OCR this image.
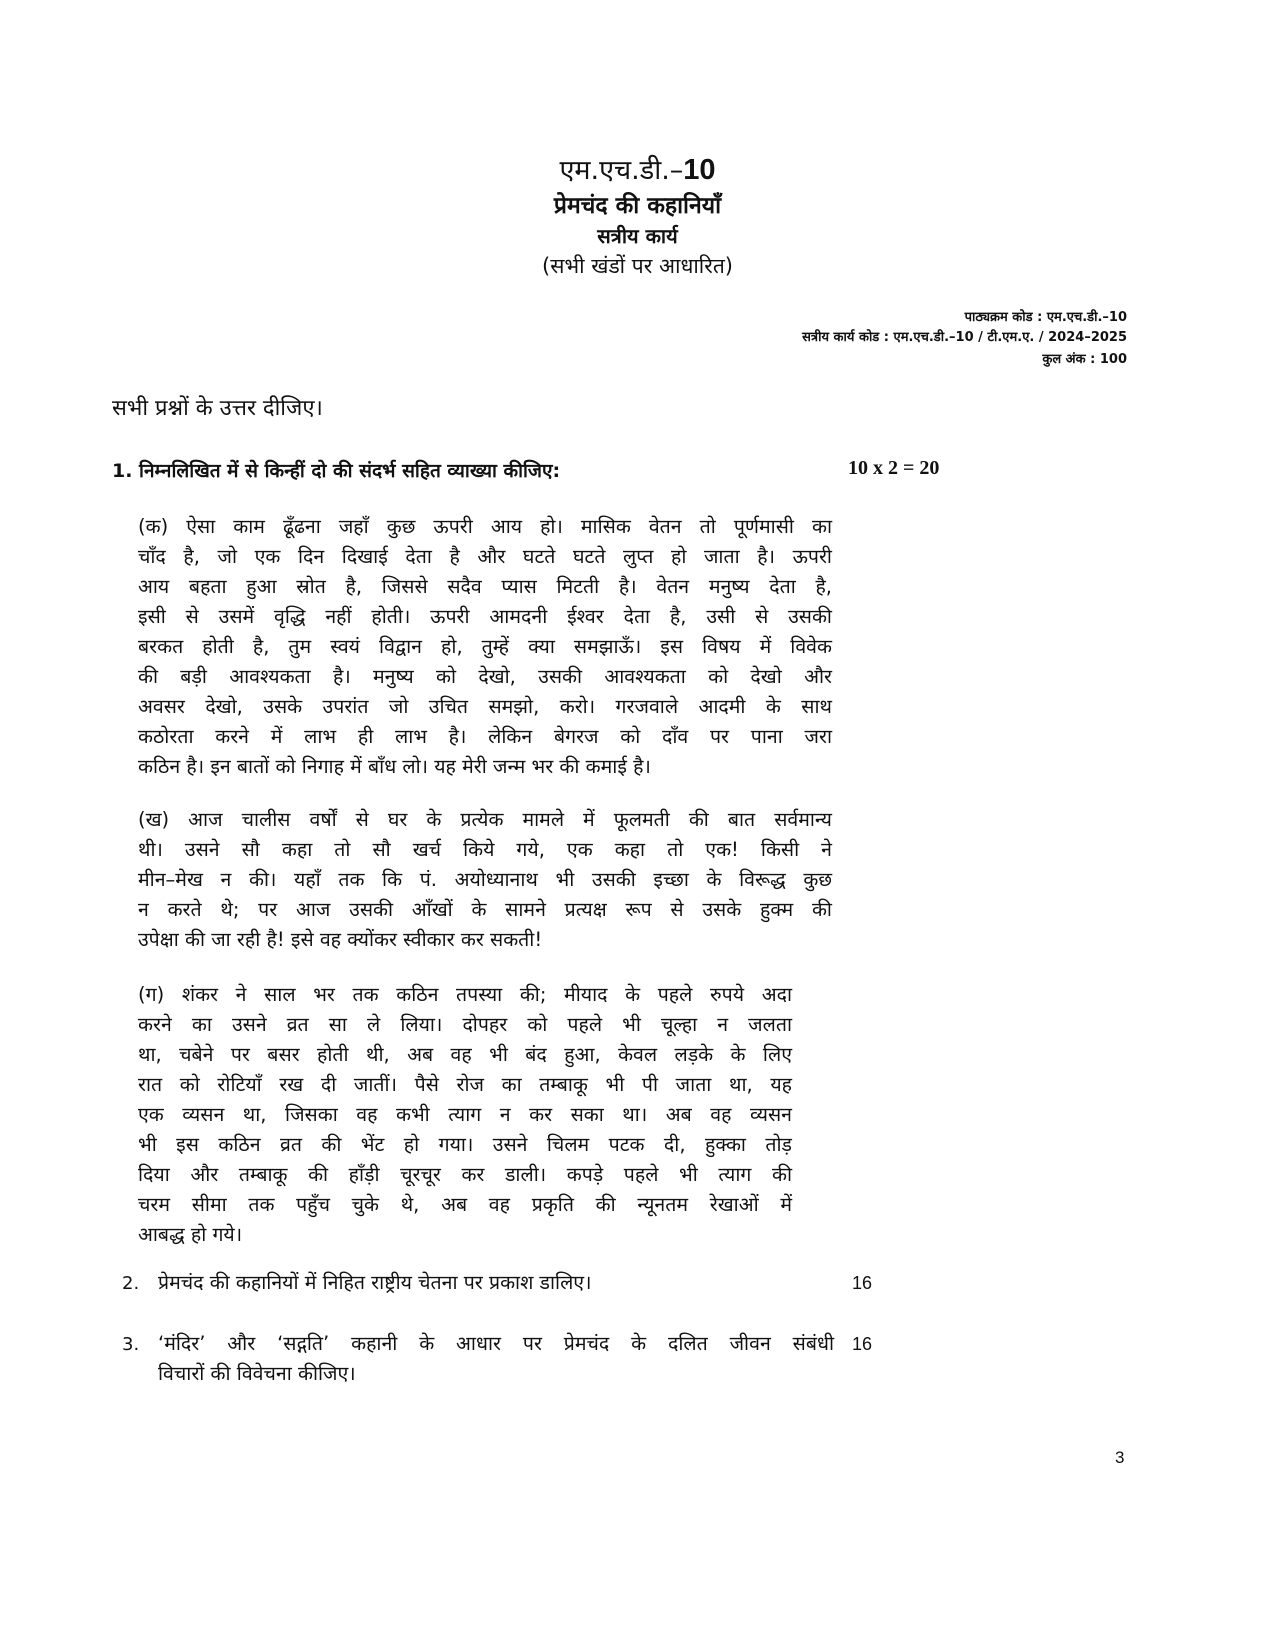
एम.एच.डी.–10
प्रेमचंद की कहानियाँ
सत्रीय कार्य
(सभी खंडों पर आधारित)
पाठ्यक्रम कोड : एम.एच.डी.–10
सत्रीय कार्य कोड : एम.एच.डी.–10 / टी.एम.ए. / 2024–2025
कुल अंक : 100
सभी प्रश्नों के उत्तर दीजिए।
1. निम्नलिखित में से किन्हीं दो की संदर्भ सहित व्याख्या कीजिए:	10 x 2 = 20
(क) ऐसा काम ढूँढना जहाँ कुछ ऊपरी आय हो। मासिक वेतन तो पूर्णमासी का
चाँद है, जो एक दिन दिखाई देता है और घटते घटते लुप्त हो जाता है। ऊपरी
आय बहता हुआ स्रोत है, जिससे सदैव प्यास मिटती है। वेतन मनुष्य देता है,
इसी से उसमें वृद्धि नहीं होती। ऊपरी आमदनी ईश्वर देता है, उसी से उसकी
बरकत होती है, तुम स्वयं विद्वान हो, तुम्हें क्या समझाऊँ। इस विषय में विवेक
की बड़ी आवश्यकता है। मनुष्य को देखो, उसकी आवश्यकता को देखो और
अवसर देखो, उसके उपरांत जो उचित समझो, करो। गरजवाले आदमी के साथ
कठोरता करने में लाभ ही लाभ है। लेकिन बेगरज को दाँव पर पाना जरा
कठिन है। इन बातों को निगाह में बाँध लो। यह मेरी जन्म भर की कमाई है।
(ख) आज चालीस वर्षों से घर के प्रत्येक मामले में फूलमती की बात सर्वमान्य
थी। उसने सौ कहा तो सौ खर्च किये गये, एक कहा तो एक! किसी ने
मीन–मेख न की। यहाँ तक कि पं. अयोध्यानाथ भी उसकी इच्छा के विरूद्ध कुछ
न करते थे; पर आज उसकी आँखों के सामने प्रत्यक्ष रूप से उसके हुक्म की
उपेक्षा की जा रही है! इसे वह क्योंकर स्वीकार कर सकती!
(ग) शंकर ने साल भर तक कठिन तपस्या की; मीयाद के पहले रुपये अदा
करने का उसने व्रत सा ले लिया। दोपहर को पहले भी चूल्हा न जलता
था, चबेने पर बसर होती थी, अब वह भी बंद हुआ, केवल लड़के के लिए
रात को रोटियाँ रख दी जातीं। पैसे रोज का तम्बाकू भी पी जाता था, यह
एक व्यसन था, जिसका वह कभी त्याग न कर सका था। अब वह व्यसन
भी इस कठिन व्रत की भेंट हो गया। उसने चिलम पटक दी, हुक्का तोड़
दिया और तम्बाकू की हाँड़ी चूरचूर कर डाली। कपड़े पहले भी त्याग की
चरम सीमा तक पहुँच चुके थे, अब वह प्रकृति की न्यूनतम रेखाओं में
आबद्ध हो गये।
2. प्रेमचंद की कहानियों में निहित राष्ट्रीय चेतना पर प्रकाश डालिए।	16
3. ‘मंदिर’ और ‘सद्गति’ कहानी के आधार पर प्रेमचंद के दलित जीवन संबंधी
विचारों की विवेचना कीजिए।
16
3
